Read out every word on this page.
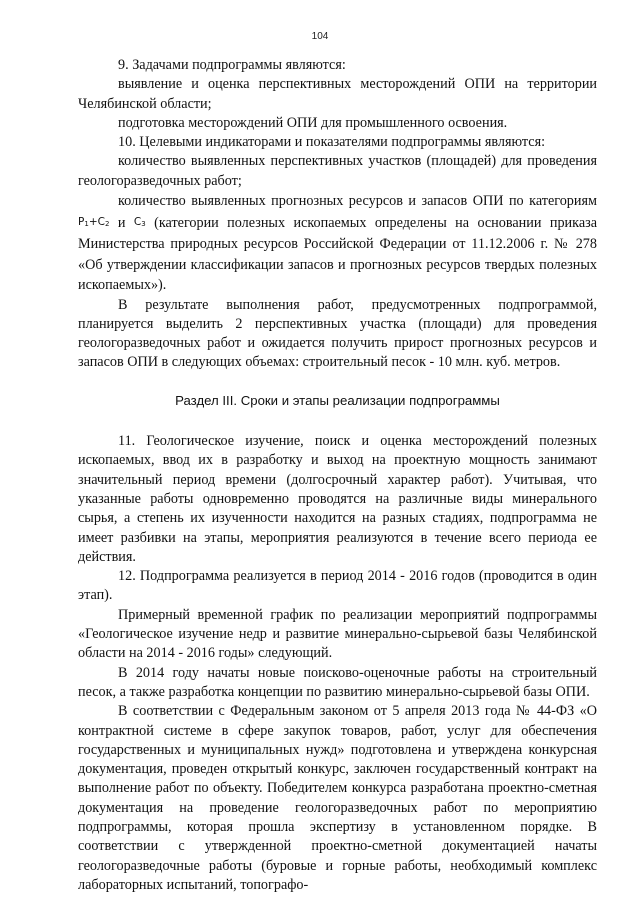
104

9. Задачами подпрограммы являются:

выявление и оценка перспективных месторождений ОПИ на территории Челябинской области;

подготовка месторождений ОПИ для промышленного освоения.

10. Целевыми индикаторами и показателями подпрограммы являются:

количество выявленных перспективных участков (площадей) для проведения геологоразведочных работ;

количество выявленных прогнозных ресурсов и запасов ОПИ по категориям $P_1+C_2$ и $C_3$ (категории полезных ископаемых определены на основании приказа Министерства природных ресурсов Российской Федерации от 11.12.2006 г. № 278 «Об утверждении классификации запасов и прогнозных ресурсов твердых полезных ископаемых»).

В результате выполнения работ, предусмотренных подпрограммой, планируется выделить 2 перспективных участка (площади) для проведения геологоразведочных работ и ожидается получить прирост прогнозных ресурсов и запасов ОПИ в следующих объемах: строительный песок - 10 млн. куб. метров.

Раздел III. Сроки и этапы реализации подпрограммы

11. Геологическое изучение, поиск и оценка месторождений полезных ископаемых, ввод их в разработку и выход на проектную мощность занимают значительный период времени (долгосрочный характер работ). Учитывая, что указанные работы одновременно проводятся на различные виды минерального сырья, а степень их изученности находится на разных стадиях, подпрограмма не имеет разбивки на этапы, мероприятия реализуются в течение всего периода ее действия.

12. Подпрограмма реализуется в период 2014 - 2016 годов (проводится в один этап).

Примерный временной график по реализации мероприятий подпрограммы «Геологическое изучение недр и развитие минерально-сырьевой базы Челябинской области на 2014 - 2016 годы» следующий.

В 2014 году начаты новые поисково-оценочные работы на строительный песок, а также разработка концепции по развитию минерально-сырьевой базы ОПИ.

В соответствии с Федеральным законом от 5 апреля 2013 года № 44-ФЗ «О контрактной системе в сфере закупок товаров, работ, услуг для обеспечения государственных и муниципальных нужд» подготовлена и утверждена конкурсная документация, проведен открытый конкурс, заключен государственный контракт на выполнение работ по объекту. Победителем конкурса разработана проектно-сметная документация на проведение геологоразведочных работ по мероприятию подпрограммы, которая прошла экспертизу в установленном порядке. В соответствии с утвержденной проектно-сметной документацией начаты геологоразведочные работы (буровые и горные работы, необходимый комплекс лабораторных испытаний, топографо-
